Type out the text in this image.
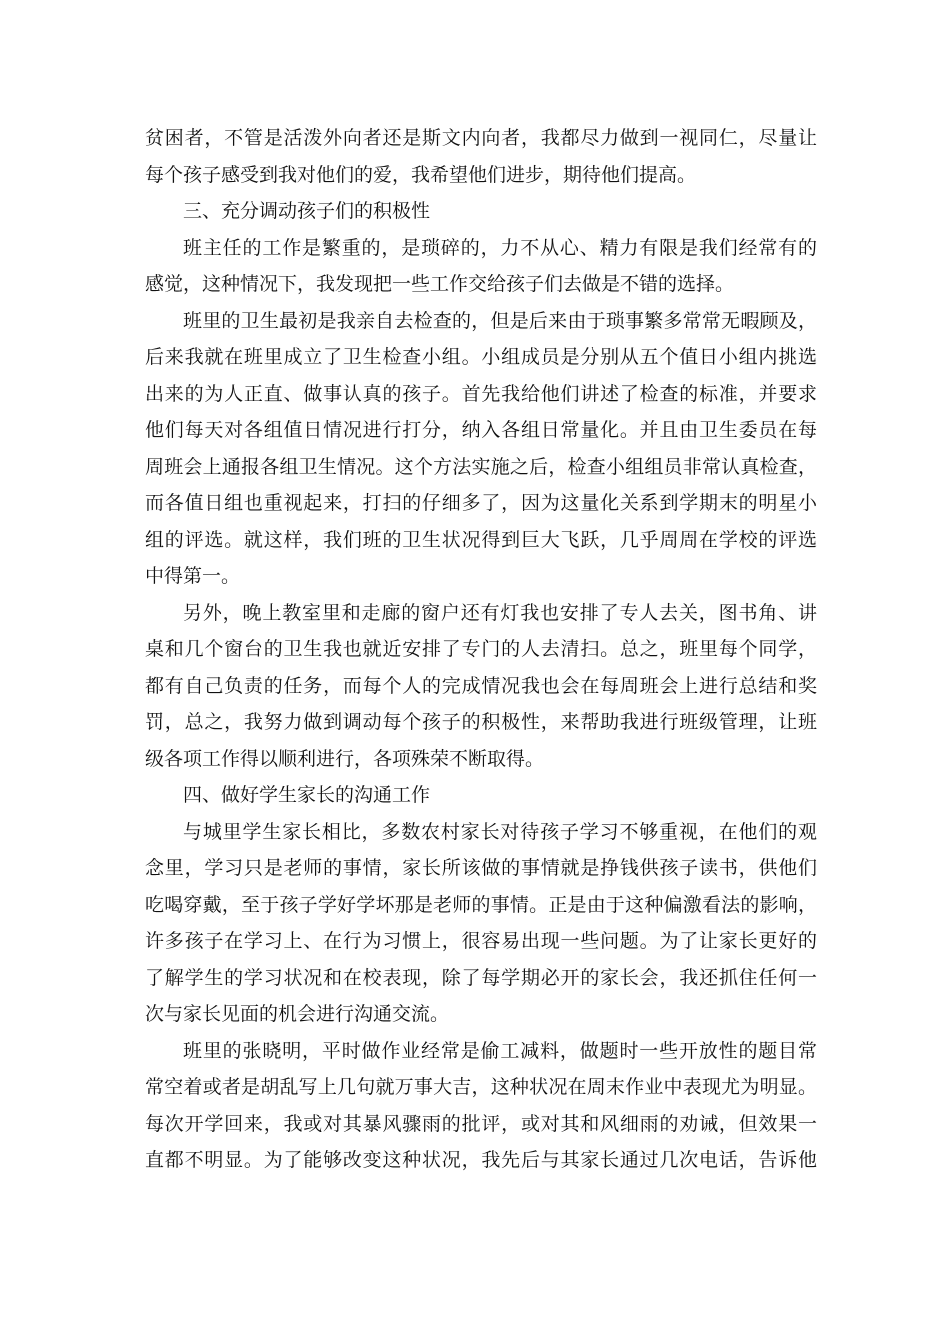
贫困者，不管是活泼外向者还是斯文内向者，我都尽力做到一视同仁，尽量让
每个孩子感受到我对他们的爱，我希望他们进步，期待他们提高。
三、充分调动孩子们的积极性
班主任的工作是繁重的，是琐碎的，力不从心、精力有限是我们经常有的
感觉，这种情况下，我发现把一些工作交给孩子们去做是不错的选择。
班里的卫生最初是我亲自去检查的，但是后来由于琐事繁多常常无暇顾及，
后来我就在班里成立了卫生检查小组。小组成员是分别从五个值日小组内挑选
出来的为人正直、做事认真的孩子。首先我给他们讲述了检查的标准，并要求
他们每天对各组值日情况进行打分，纳入各组日常量化。并且由卫生委员在每
周班会上通报各组卫生情况。这个方法实施之后，检查小组组员非常认真检查，
而各值日组也重视起来，打扫的仔细多了，因为这量化关系到学期末的明星小
组的评选。就这样，我们班的卫生状况得到巨大飞跃，几乎周周在学校的评选
中得第一。
另外，晚上教室里和走廊的窗户还有灯我也安排了专人去关，图书角、讲
桌和几个窗台的卫生我也就近安排了专门的人去清扫。总之，班里每个同学，
都有自己负责的任务，而每个人的完成情况我也会在每周班会上进行总结和奖
罚，总之，我努力做到调动每个孩子的积极性，来帮助我进行班级管理，让班
级各项工作得以顺利进行，各项殊荣不断取得。
四、做好学生家长的沟通工作
与城里学生家长相比，多数农村家长对待孩子学习不够重视，在他们的观
念里，学习只是老师的事情，家长所该做的事情就是挣钱供孩子读书，供他们
吃喝穿戴，至于孩子学好学坏那是老师的事情。正是由于这种偏激看法的影响，
许多孩子在学习上、在行为习惯上，很容易出现一些问题。为了让家长更好的
了解学生的学习状况和在校表现，除了每学期必开的家长会，我还抓住任何一
次与家长见面的机会进行沟通交流。
班里的张晓明，平时做作业经常是偷工减料，做题时一些开放性的题目常
常空着或者是胡乱写上几句就万事大吉，这种状况在周末作业中表现尤为明显。
每次开学回来，我或对其暴风骤雨的批评，或对其和风细雨的劝诫，但效果一
直都不明显。为了能够改变这种状况，我先后与其家长通过几次电话，告诉他
